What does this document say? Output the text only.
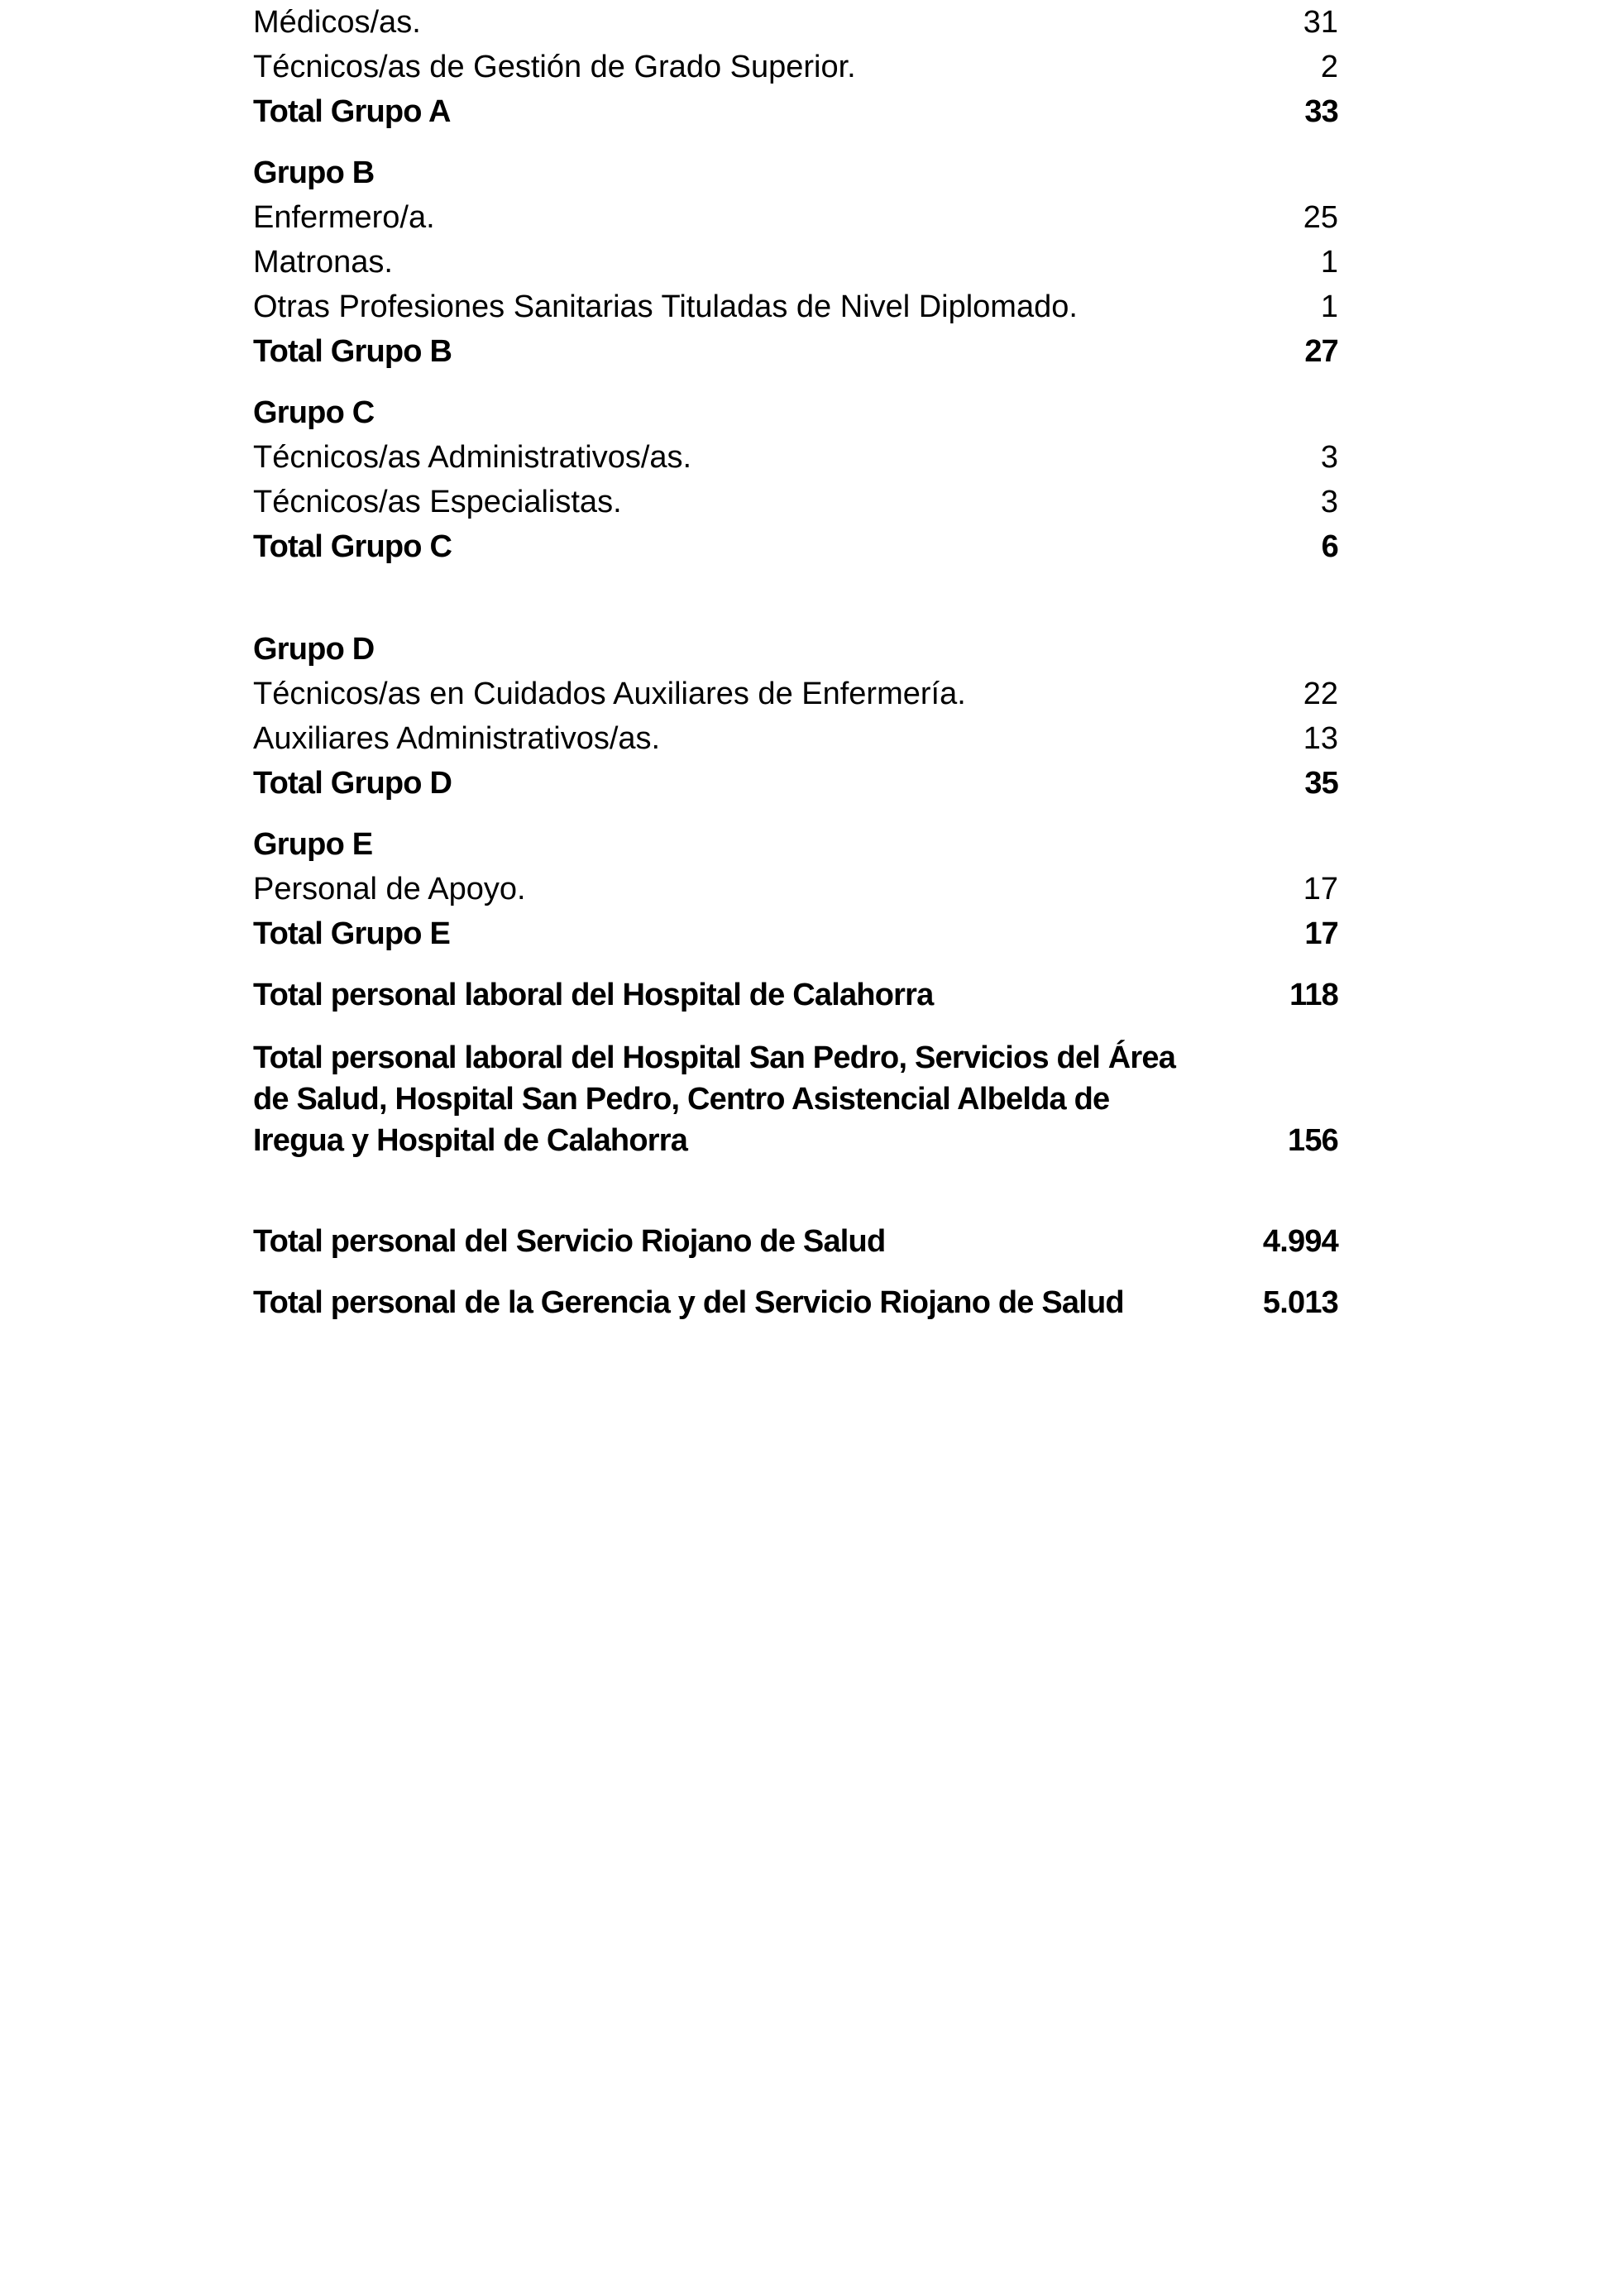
Médicos/as.	31
Técnicos/as de Gestión de Grado Superior.	2
Total Grupo A	33
Grupo B
Enfermero/a.	25
Matronas.	1
Otras Profesiones Sanitarias Tituladas de Nivel Diplomado.	1
Total Grupo B	27
Grupo C
Técnicos/as Administrativos/as.	3
Técnicos/as Especialistas.	3
Total Grupo C	6
Grupo D
Técnicos/as en Cuidados Auxiliares de Enfermería.	22
Auxiliares Administrativos/as.	13
Total Grupo D	35
Grupo E
Personal de Apoyo.	17
Total Grupo E	17
Total personal laboral del Hospital de Calahorra	118
Total personal laboral del Hospital San Pedro, Servicios del Área de Salud, Hospital San Pedro, Centro Asistencial Albelda de Iregua y Hospital de Calahorra	156
Total personal del Servicio Riojano de Salud	4.994
Total personal de la Gerencia y del Servicio Riojano de Salud	5.013
